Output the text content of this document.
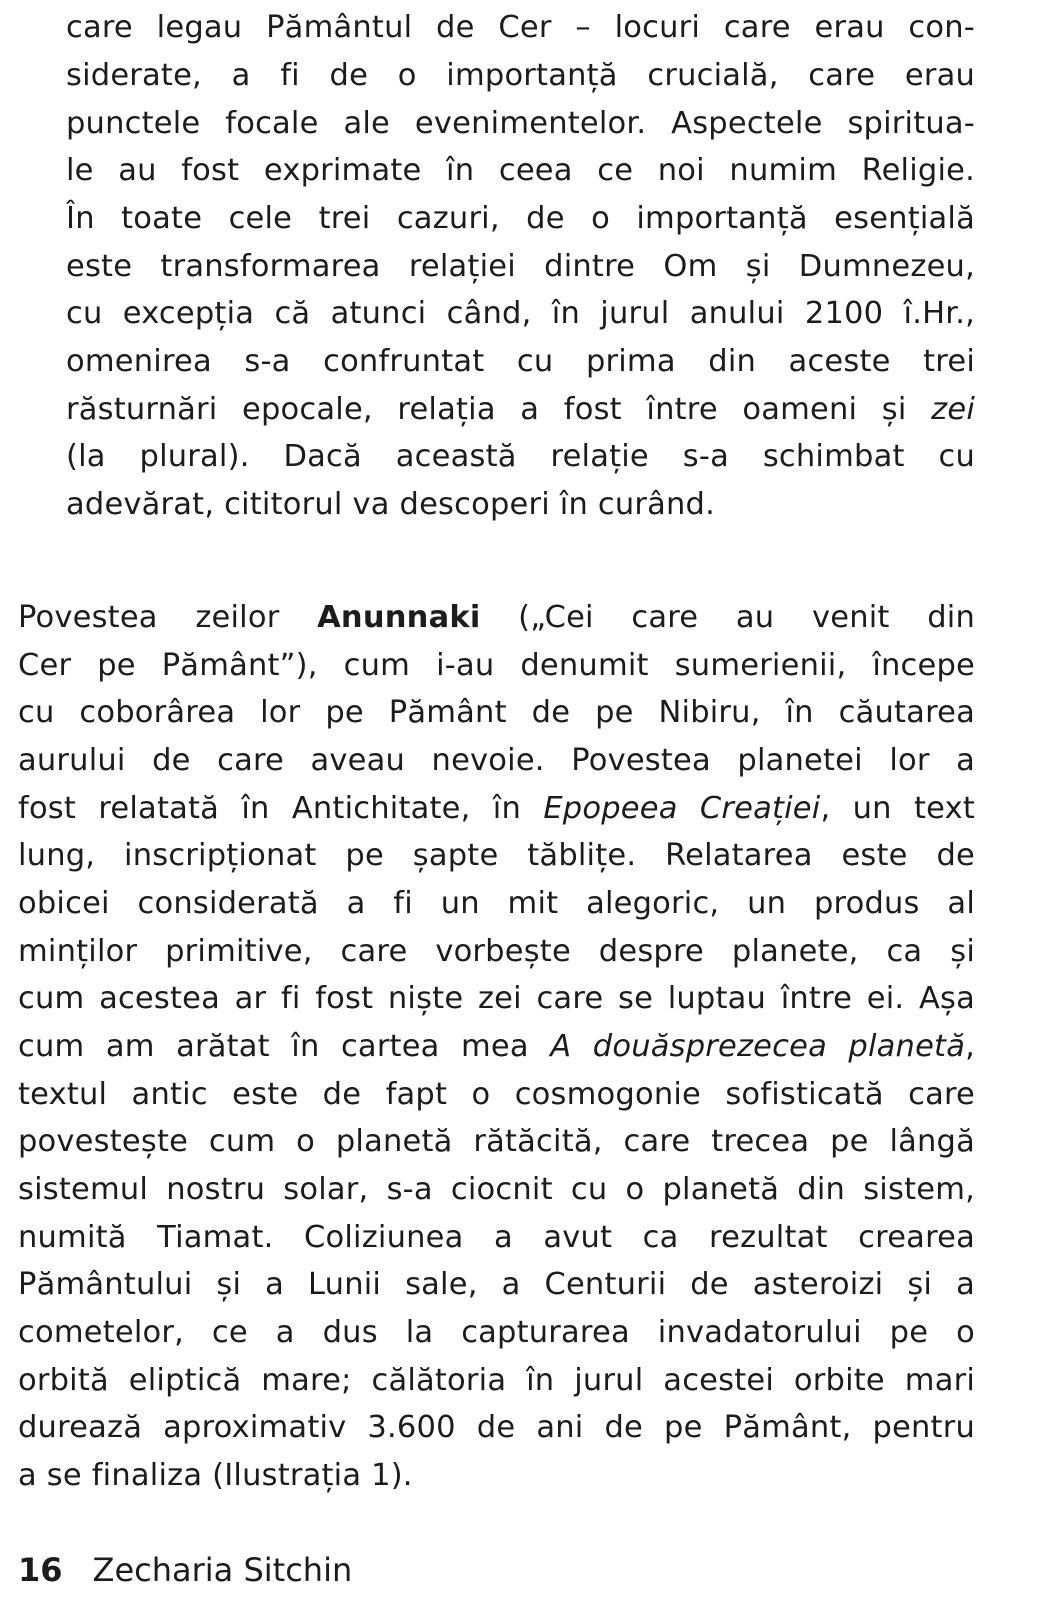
care legau Pământul de Cer – locuri care erau con-
siderate, a fi de o importanță crucială, care erau
punctele focale ale evenimentelor. Aspectele spiritua-
le au fost exprimate în ceea ce noi numim Religie.
În toate cele trei cazuri, de o importanță esențială
este transformarea relației dintre Om și Dumnezeu,
cu excepția că atunci când, în jurul anului 2100 î.Hr.,
omenirea s-a confruntat cu prima din aceste trei
răsturnări epocale, relația a fost între oameni și zei
(la plural). Dacă această relație s-a schimbat cu
adevărat, cititorul va descoperi în curând.
Povestea zeilor Anunnaki („Cei care au venit din
Cer pe Pământ”), cum i-au denumit sumerienii, începe
cu coborârea lor pe Pământ de pe Nibiru, în căutarea
aurului de care aveau nevoie. Povestea planetei lor a
fost relatată în Antichitate, în Epopeea Creației, un text
lung, inscripționat pe șapte tăblițe. Relatarea este de
obicei considerată a fi un mit alegoric, un produs al
minților primitive, care vorbește despre planete, ca și
cum acestea ar fi fost niște zei care se luptau între ei. Așa
cum am arătat în cartea mea A douăsprezecea planetă,
textul antic este de fapt o cosmogonie sofisticată care
povestește cum o planetă rătăcită, care trecea pe lângă
sistemul nostru solar, s-a ciocnit cu o planetă din sistem,
numită Tiamat. Coliziunea a avut ca rezultat crearea
Pământului și a Lunii sale, a Centurii de asteroizi și a
cometelor, ce a dus la capturarea invadatorului pe o
orbită eliptică mare; călătoria în jurul acestei orbite mari
durează aproximativ 3.600 de ani de pe Pământ, pentru
a se finaliza (Ilustrația 1).
16 Zecharia Sitchin
